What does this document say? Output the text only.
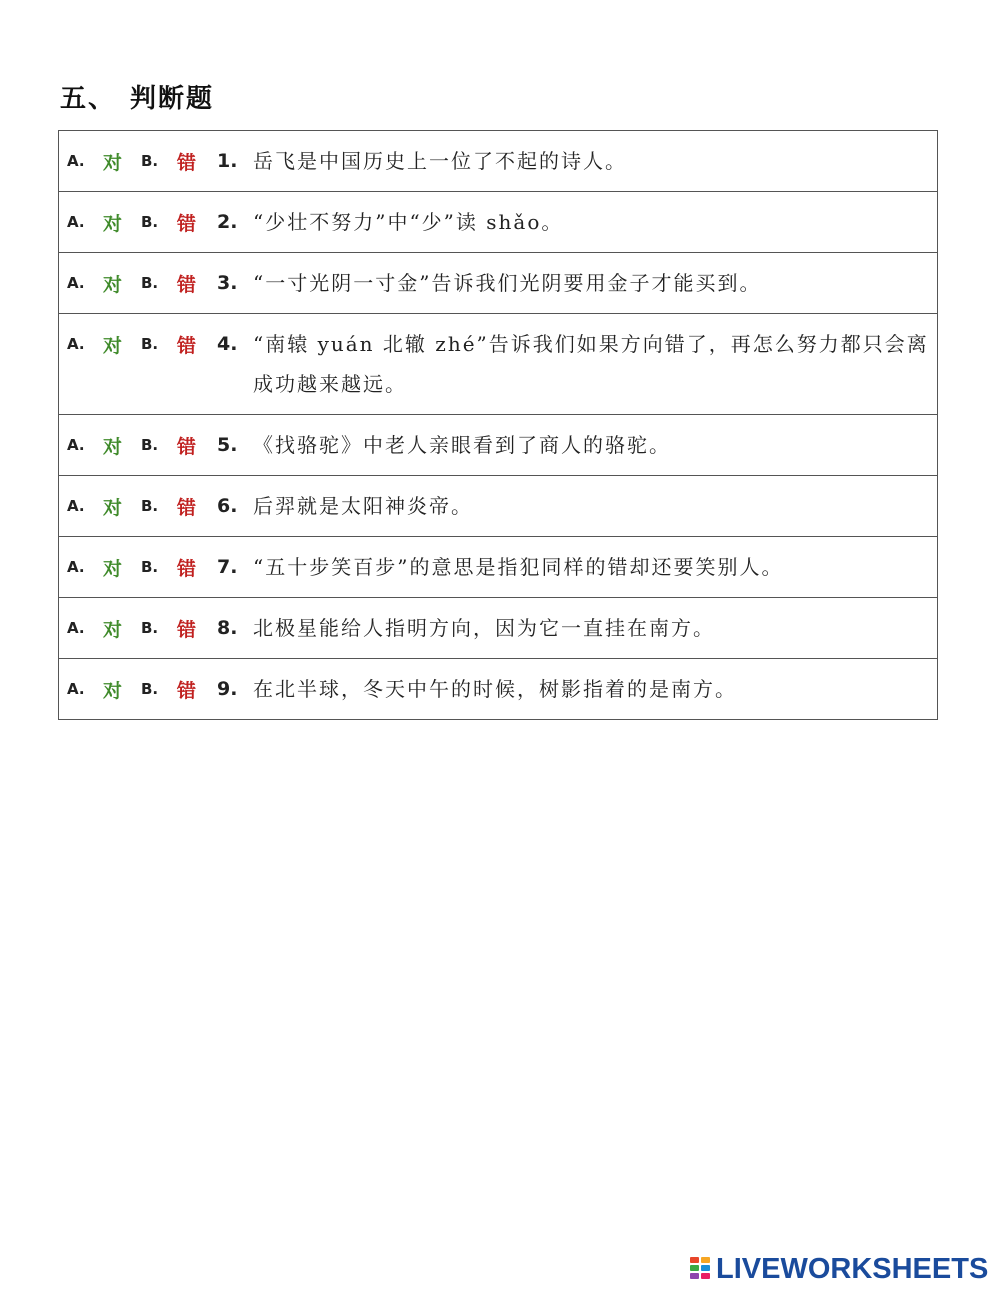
五、 判断题
A. 对	B. 错	1. 岳飞是中国历史上一位了不起的诗人。

A. 对	B. 错	2. “少壮不努力”中“少”读 shǎo。

A. 对	B. 错	3. “一寸光阴一寸金”告诉我们光阴要用金子才能买到。

A. 对	B. 错	4. “南辕 yuán 北辙 zhé”告诉我们如果方向错了，再怎么努力都只会离成功越来越远。

A. 对	B. 错	5. 《找骆驼》中老人亲眼看到了商人的骆驼。

A. 对	B. 错	6. 后羿就是太阳神炎帝。

A. 对	B. 错	7. “五十步笑百步”的意思是指犯同样的错却还要笑别人。

A. 对	B. 错	8. 北极星能给人指明方向，因为它一直挂在南方。

A. 对	B. 错	9. 在北半球，冬天中午的时候，树影指着的是南方。
LIVEWORKSHEETS
